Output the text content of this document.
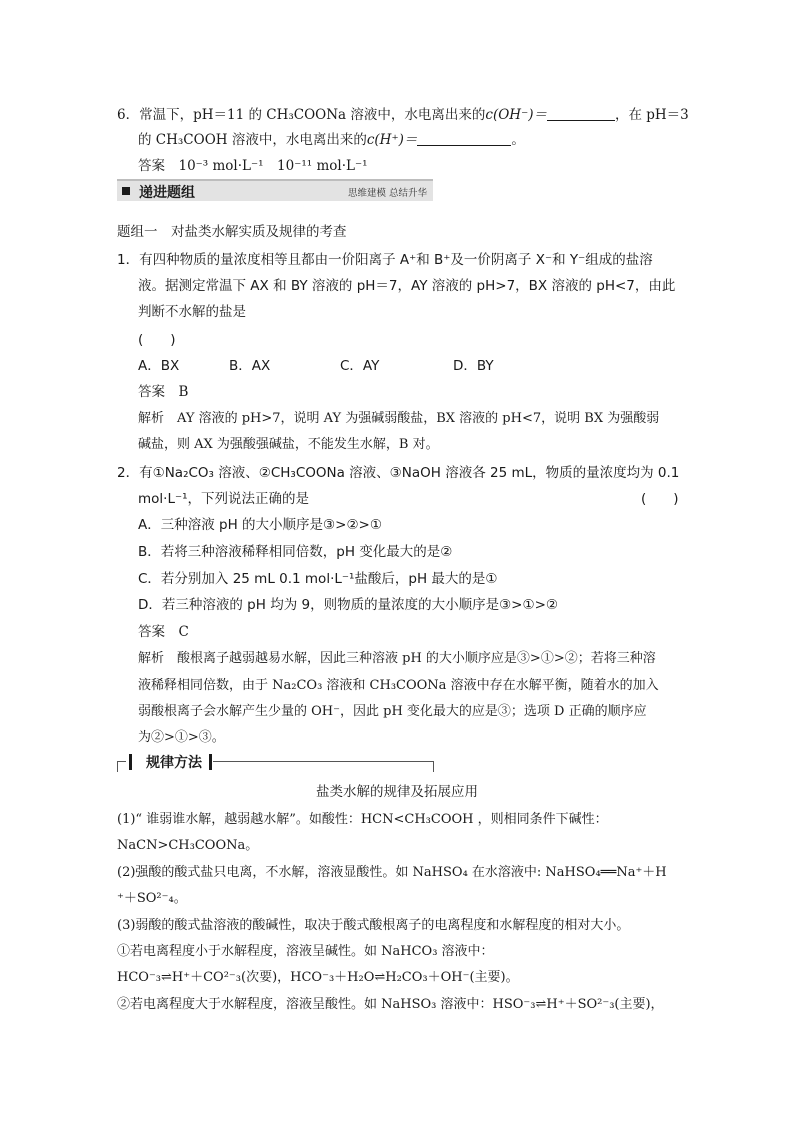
6．常温下，pH＝11 的 CH₃COONa 溶液中，水电离出来的c(OH⁻)＝	，在 pH＝3
的 CH₃COOH 溶液中，水电离出来的c(H⁺)＝	。
答案　10⁻³ mol·L⁻¹　10⁻¹¹ mol·L⁻¹
递进题组	思维建模 总结升华
题组一　对盐类水解实质及规律的考查
1．有四种物质的量浓度相等且都由一价阳离子 A⁺和 B⁺及一价阴离子 X⁻和 Y⁻组成的盐溶
液。据测定常温下 AX 和 BY 溶液的 pH＝7，AY 溶液的 pH>7，BX 溶液的 pH<7，由此
判断不水解的盐是
(　　)
A．BX	B．AX	C．AY	D．BY
答案　B
解析　AY 溶液的 pH>7，说明 AY 为强碱弱酸盐，BX 溶液的 pH<7，说明 BX 为强酸弱
碱盐，则 AX 为强酸强碱盐，不能发生水解，B 对。
2．有①Na₂CO₃ 溶液、②CH₃COONa 溶液、③NaOH 溶液各 25 mL，物质的量浓度均为 0.1
mol·L⁻¹，下列说法正确的是	(　　)
A．三种溶液 pH 的大小顺序是③>②>①
B．若将三种溶液稀释相同倍数，pH 变化最大的是②
C．若分别加入 25 mL 0.1 mol·L⁻¹盐酸后，pH 最大的是①
D．若三种溶液的 pH 均为 9，则物质的量浓度的大小顺序是③>①>②
答案　C
解析　酸根离子越弱越易水解，因此三种溶液 pH 的大小顺序应是③>①>②；若将三种溶
液稀释相同倍数，由于 Na₂CO₃ 溶液和 CH₃COONa 溶液中存在水解平衡，随着水的加入
弱酸根离子会水解产生少量的 OH⁻，因此 pH 变化最大的应是③；选项 D 正确的顺序应
为②>①>③。
规律方法
盐类水解的规律及拓展应用
(1)“ 谁弱谁水解，越弱越水解”。如酸性：HCN<CH₃COOH ，则相同条件下碱性：
NaCN>CH₃COONa。
(2)强酸的酸式盐只电离，不水解，溶液显酸性。如 NaHSO₄ 在水溶液中: NaHSO₄══Na⁺＋H
⁺＋SO²⁻₄。
(3)弱酸的酸式盐溶液的酸碱性，取决于酸式酸根离子的电离程度和水解程度的相对大小。
①若电离程度小于水解程度，溶液呈碱性。如 NaHCO₃ 溶液中：
HCO⁻₃⇌H⁺＋CO²⁻₃(次要)，HCO⁻₃＋H₂O⇌H₂CO₃＋OH⁻(主要)。
②若电离程度大于水解程度，溶液呈酸性。如 NaHSO₃ 溶液中：HSO⁻₃⇌H⁺＋SO²⁻₃(主要)，
